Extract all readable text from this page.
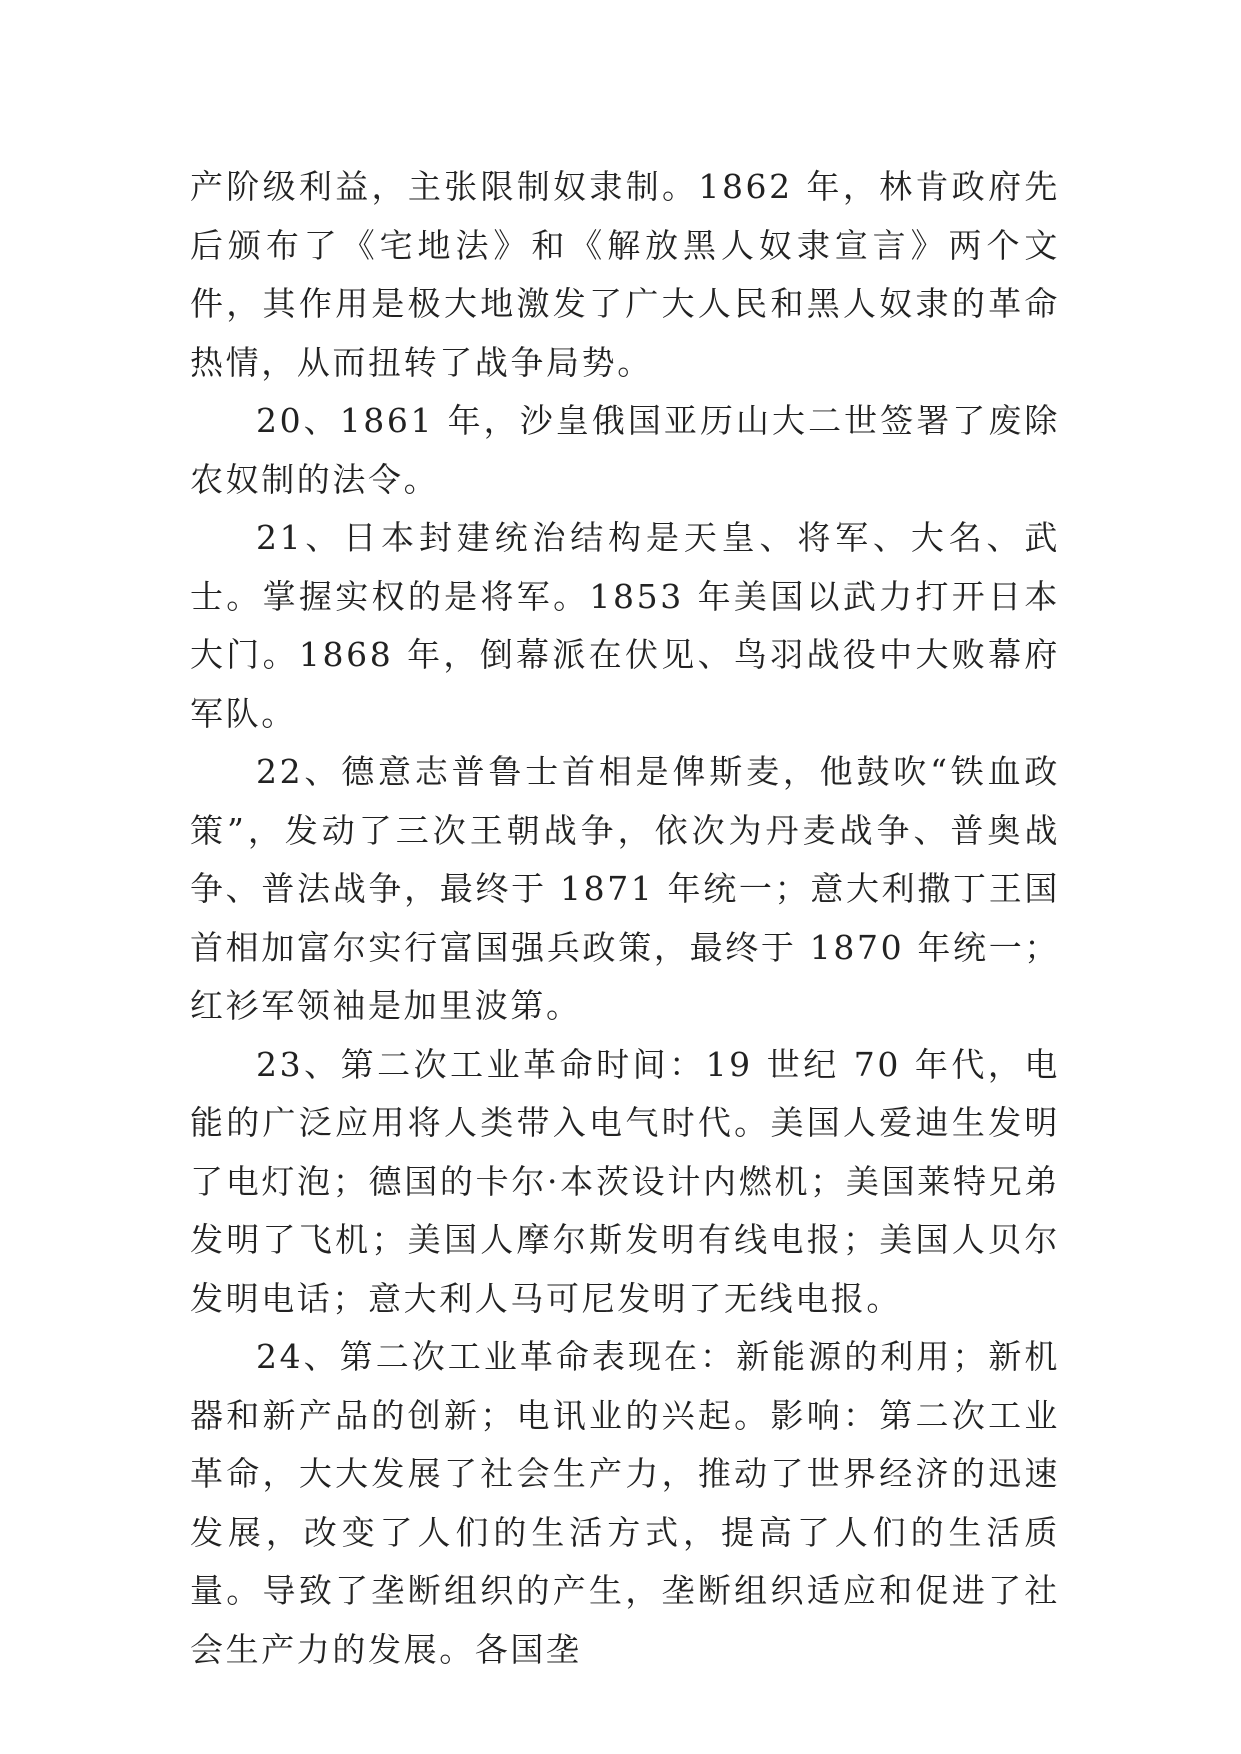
产阶级利益，主张限制奴隶制。1862 年，林肯政府先后颁布了《宅地法》和《解放黑人奴隶宣言》两个文件，其作用是极大地激发了广大人民和黑人奴隶的革命热情，从而扭转了战争局势。

20、1861 年，沙皇俄国亚历山大二世签署了废除农奴制的法令。

21、日本封建统治结构是天皇、将军、大名、武士。掌握实权的是将军。1853 年美国以武力打开日本大门。1868 年，倒幕派在伏见、鸟羽战役中大败幕府军队。

22、德意志普鲁士首相是俾斯麦，他鼓吹“铁血政策”，发动了三次王朝战争，依次为丹麦战争、普奥战争、普法战争，最终于 1871 年统一；意大利撒丁王国首相加富尔实行富国强兵政策，最终于 1870 年统一；红衫军领袖是加里波第。

23、第二次工业革命时间：19 世纪 70 年代，电能的广泛应用将人类带入电气时代。美国人爱迪生发明了电灯泡；德国的卡尔·本茨设计内燃机；美国莱特兄弟发明了飞机；美国人摩尔斯发明有线电报；美国人贝尔发明电话；意大利人马可尼发明了无线电报。

24、第二次工业革命表现在：新能源的利用；新机器和新产品的创新；电讯业的兴起。影响：第二次工业革命，大大发展了社会生产力，推动了世界经济的迅速发展，改变了人们的生活方式，提高了人们的生活质量。导致了垄断组织的产生，垄断组织适应和促进了社会生产力的发展。各国垄
